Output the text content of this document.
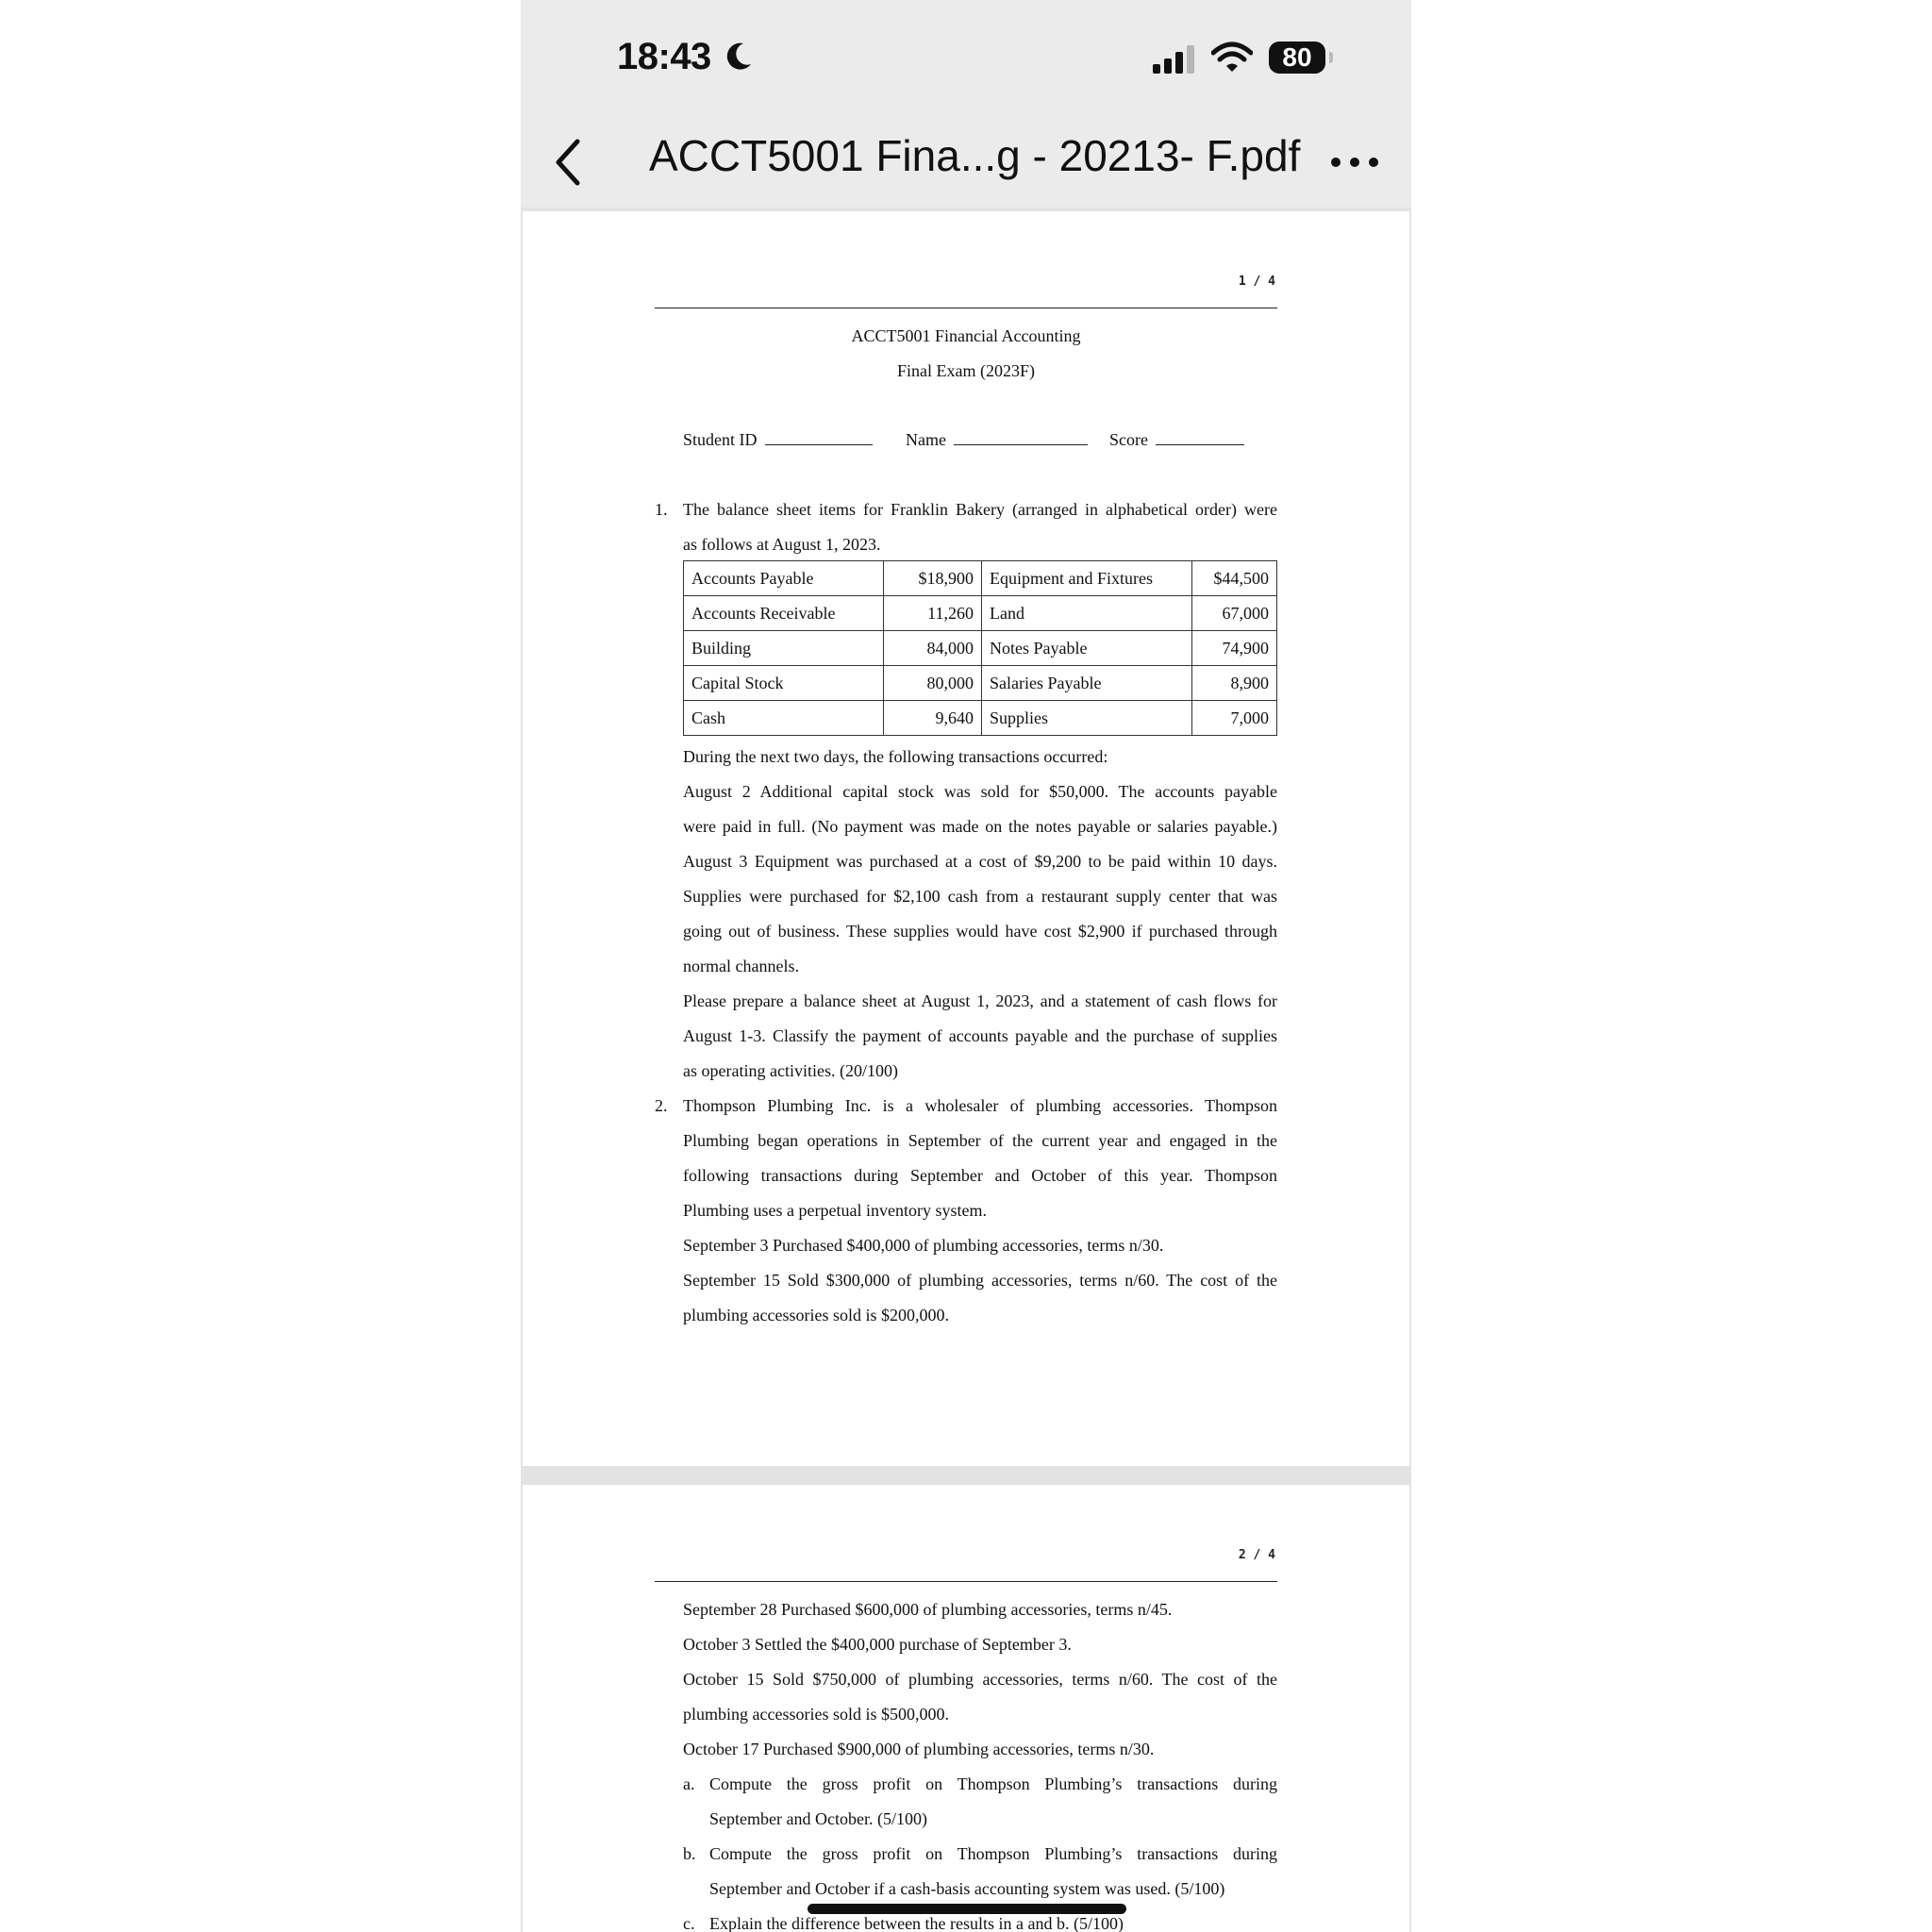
18:43	80
ACCT5001 Fina...g - 20213- F.pdf
1 / 4
ACCT5001 Financial Accounting
Final Exam (2023F)
Student ID	Name	Score
1. The balance sheet items for Franklin Bakery (arranged in alphabetical order) were
as follows at August 1, 2023.
Accounts Payable	$18,900	Equipment and Fixtures	$44,500
Accounts Receivable	11,260	Land	67,000
Building	84,000	Notes Payable	74,900
Capital Stock	80,000	Salaries Payable	8,900
Cash	9,640	Supplies	7,000
During the next two days, the following transactions occurred:
August 2 Additional capital stock was sold for $50,000. The accounts payable
were paid in full. (No payment was made on the notes payable or salaries payable.)
August 3 Equipment was purchased at a cost of $9,200 to be paid within 10 days.
Supplies were purchased for $2,100 cash from a restaurant supply center that was
going out of business. These supplies would have cost $2,900 if purchased through
normal channels.
Please prepare a balance sheet at August 1, 2023, and a statement of cash flows for
August 1-3. Classify the payment of accounts payable and the purchase of supplies
as operating activities. (20/100)
2. Thompson Plumbing Inc. is a wholesaler of plumbing accessories. Thompson
Plumbing began operations in September of the current year and engaged in the
following transactions during September and October of this year. Thompson
Plumbing uses a perpetual inventory system.
September 3 Purchased $400,000 of plumbing accessories, terms n/30.
September 15 Sold $300,000 of plumbing accessories, terms n/60. The cost of the
plumbing accessories sold is $200,000.
2 / 4
September 28 Purchased $600,000 of plumbing accessories, terms n/45.
October 3 Settled the $400,000 purchase of September 3.
October 15 Sold $750,000 of plumbing accessories, terms n/60. The cost of the
plumbing accessories sold is $500,000.
October 17 Purchased $900,000 of plumbing accessories, terms n/30.
a. Compute the gross profit on Thompson Plumbing’s transactions during
September and October. (5/100)
b. Compute the gross profit on Thompson Plumbing’s transactions during
September and October if a cash-basis accounting system was used. (5/100)
c. Explain the difference between the results in a and b. (5/100)
